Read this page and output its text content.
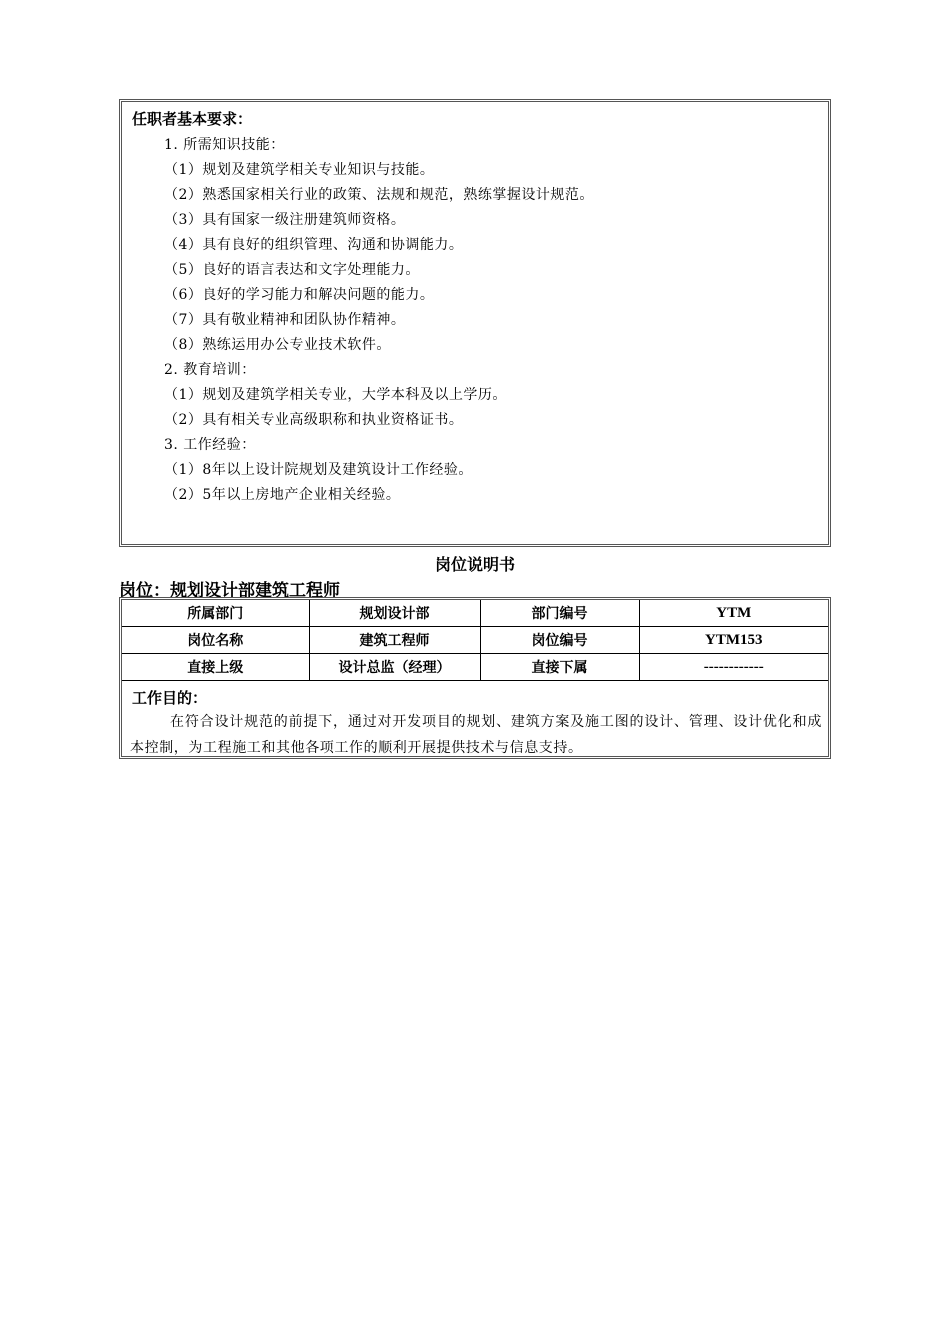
任职者基本要求：
1. 所需知识技能：
（1）规划及建筑学相关专业知识与技能。
（2）熟悉国家相关行业的政策、法规和规范，熟练掌握设计规范。
（3）具有国家一级注册建筑师资格。
（4）具有良好的组织管理、沟通和协调能力。
（5）良好的语言表达和文字处理能力。
（6）良好的学习能力和解决问题的能力。
（7）具有敬业精神和团队协作精神。
（8）熟练运用办公专业技术软件。
2. 教育培训：
（1）规划及建筑学相关专业，大学本科及以上学历。
（2）具有相关专业高级职称和执业资格证书。
3. 工作经验：
（1）8年以上设计院规划及建筑设计工作经验。
（2）5年以上房地产企业相关经验。
岗位说明书
岗位：规划设计部建筑工程师
所属部门	规划设计部	部门编号	YTM
岗位名称	建筑工程师	岗位编号	YTM153
直接上级	设计总监（经理）	直接下属	------------
工作目的：
在符合设计规范的前提下，通过对开发项目的规划、建筑方案及施工图的设计、管理、设计优化和成本控制，为工程施工和其他各项工作的顺利开展提供技术与信息支持。
